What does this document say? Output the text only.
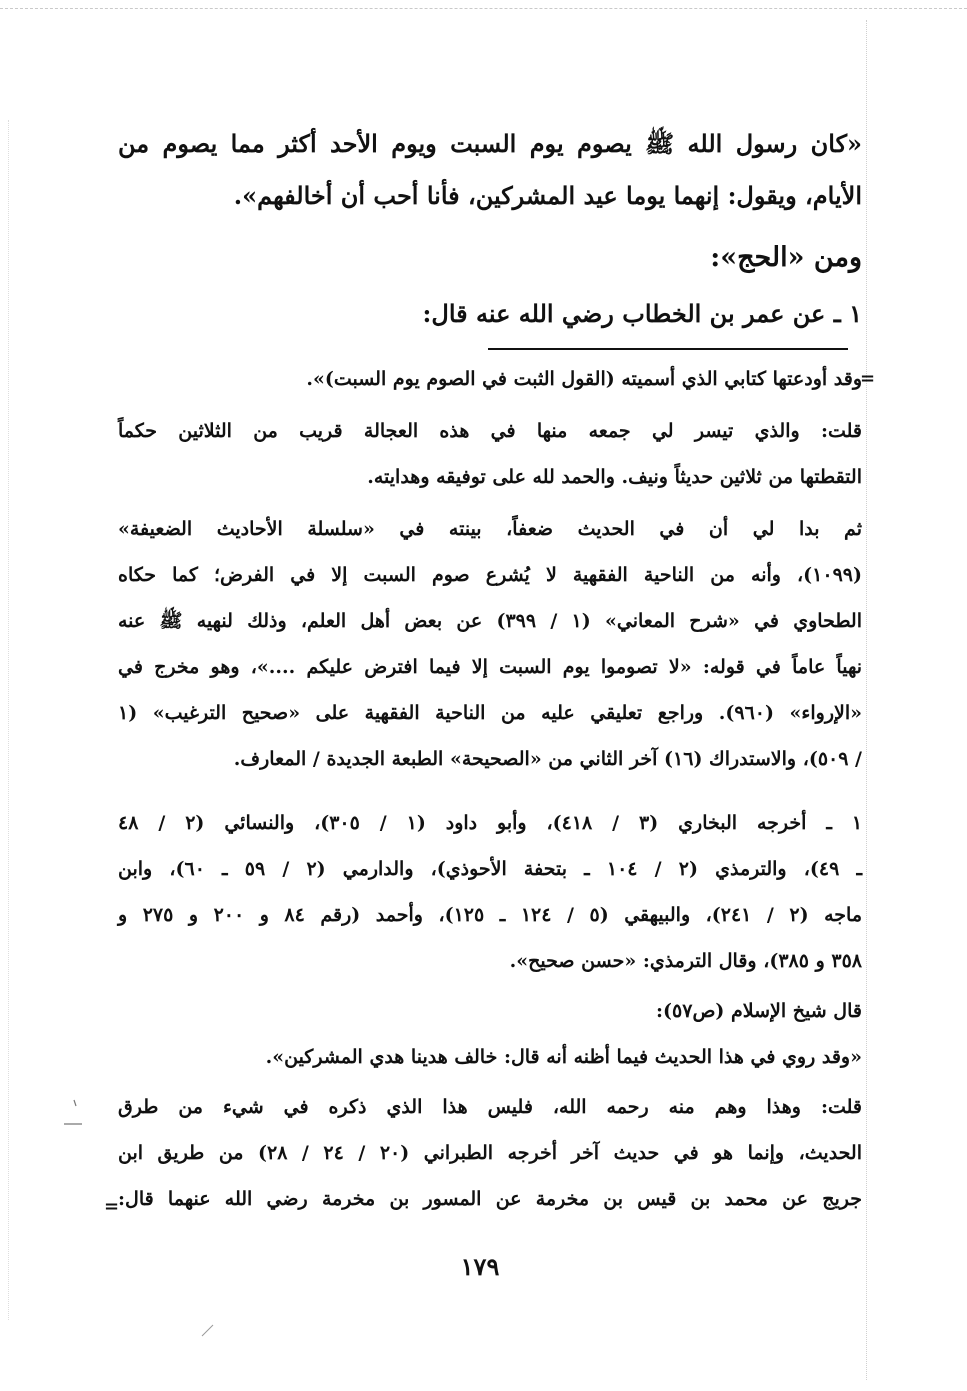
«كان رسول الله ﷺ يصوم يوم السبت ويوم الأحد أكثر مما يصوم من
الأيام، ويقول: إنهما يوما عيد المشركين، فأنا أحب أن أخالفهم».
ومن «الحج»:
١ ـ عن عمر بن الخطاب رضي الله عنه قال:
=
وقد أودعتها كتابي الذي أسميته (القول الثبت في الصوم يوم السبت)».
قلت: والذي تيسر لي جمعه منها في هذه العجالة قريب من الثلاثين حكماً
التقطتها من ثلاثين حديثاً ونيف. والحمد لله على توفيقه وهدايته.
ثم بدا لي أن في الحديث ضعفاً، بينته في «سلسلة الأحاديث الضعيفة»
(١٠٩٩)، وأنه من الناحية الفقهية لا يُشرع صوم السبت إلا في الفرض؛ كما حكاه
الطحاوي في «شرح المعاني» (١ / ٣٩٩) عن بعض أهل العلم، وذلك لنهيه ﷺ عنه
نهياً عاماً في قوله: «لا تصوموا يوم السبت إلا فيما افترض عليكم ....»، وهو مخرج في
«الإرواء» (٩٦٠). وراجع تعليقي عليه من الناحية الفقهية على «صحيح الترغيب» (١
/ ٥٠٩)، والاستدراك (١٦) آخر الثاني من «الصحيحة» الطبعة الجديدة / المعارف.
١ ـ أخرجه البخاري (٣ / ٤١٨)، وأبو داود (١ / ٣٠٥)، والنسائي (٢ / ٤٨
ـ ٤٩)، والترمذي (٢ / ١٠٤ ـ بتحفة الأحوذي)، والدارمي (٢ / ٥٩ ـ ٦٠)، وابن
ماجه (٢ / ٢٤١)، والبيهقي (٥ / ١٢٤ ـ ١٢٥)، وأحمد (رقم ٨٤ و ٢٠٠ و ٢٧٥ و
٣٥٨ و ٣٨٥)، وقال الترمذي: «حسن صحيح».
قال شيخ الإسلام (ص٥٧):
«وقد روي في هذا الحديث فيما أظنه أنه قال: خالف هدينا هدي المشركين».
قلت: وهذا وهم منه رحمه الله، فليس هذا الذي ذكره في شيء من طرق
الحديث، وإنما هو في حديث آخر أخرجه الطبراني (٢٠ / ٢٤ / ٢٨) من طريق ابن
جريج عن محمد بن قيس بن مخرمة عن المسور بن مخرمة رضي الله عنهما قال:
=
١٧٩
